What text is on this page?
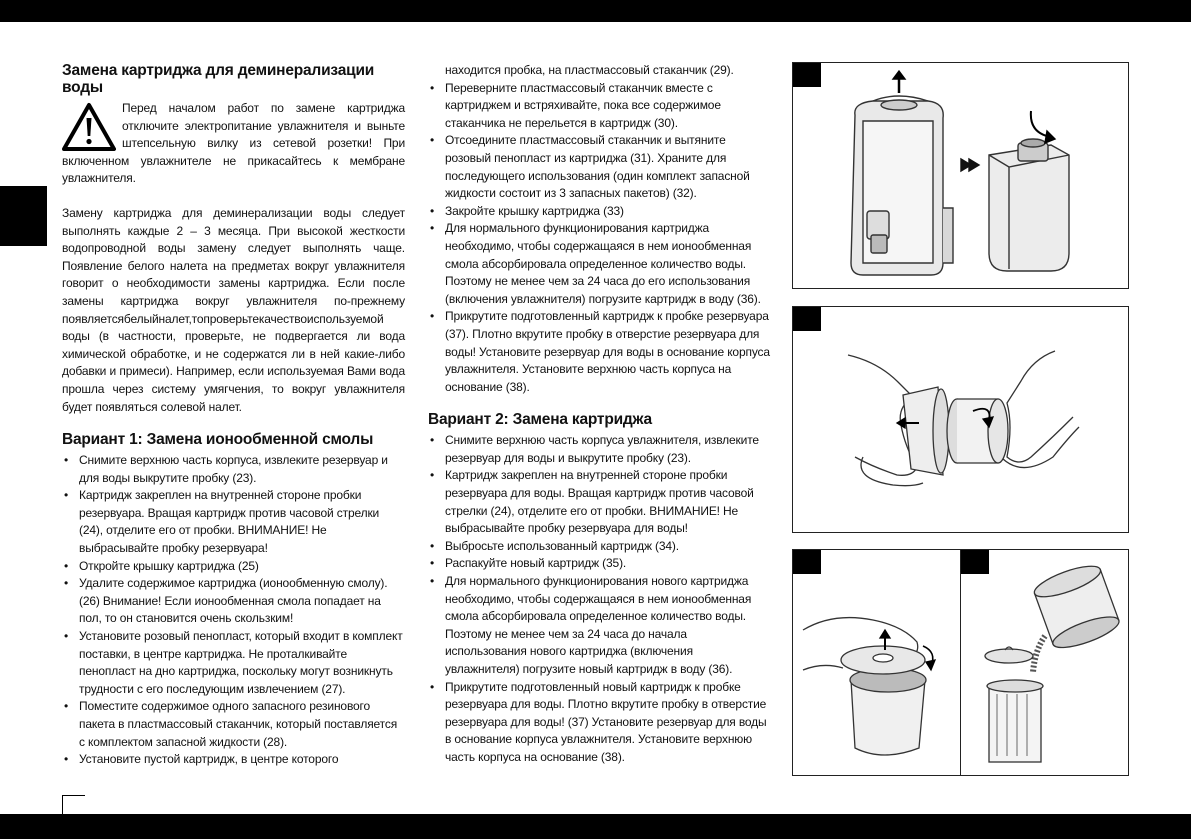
Замена картриджа для деминерализации воды

Перед началом работ по замене картриджа отключите электропитание увлажнителя и выньте штепсельную вилку из сетевой розетки! При включенном увлажнителе не прикасайтесь к мембране увлажнителя.

Замену картриджа для деминерализации воды следует выполнять каждые 2 – 3 месяца. При высокой жесткости водопроводной воды замену следует выполнять чаще. Появление белого налета на предметах вокруг увлажнителя говорит о необходимости замены картриджа. Если после замены картриджа вокруг увлажнителя по-прежнему появляетсябелыйналет,топроверьтекачествоиспользуемой воды (в частности, проверьте, не подвергается ли вода химической обработке, и не содержатся ли в ней какие-либо добавки и примеси). Например, если используемая Вами вода прошла через систему умягчения, то вокруг увлажнителя будет появляться солевой налет.

Вариант 1: Замена ионообменной смолы
• Снимите верхнюю часть корпуса, извлеките резервуар и для воды выкрутите пробку (23).
• Картридж закреплен на внутренней стороне пробки резервуара. Вращая картридж против часовой стрелки (24), отделите его от пробки. ВНИМАНИЕ! Не выбрасывайте пробку резервуара!
• Откройте крышку картриджа (25)
• Удалите содержимое картриджа (ионообменную смолу). (26) Внимание! Если ионообменная смола попадает на пол, то он становится очень скользким!
• Установите розовый пенопласт, который входит в комплект поставки, в центре картриджа. Не проталкивайте пенопласт на дно картриджа, поскольку могут возникнуть трудности с его последующим извлечением (27).
• Поместите содержимое одного запасного резинового пакета в пластмассовый стаканчик, который поставляется с комплектом запасной жидкости (28).
• Установите пустой картридж, в центре которого
находится пробка, на пластмассовый стаканчик (29).
• Переверните пластмассовый стаканчик вместе с картриджем и встряхивайте, пока все содержимое стаканчика не перельется в картридж (30).
• Отсоедините пластмассовый стаканчик и вытяните розовый пенопласт из картриджа (31). Храните для последующего использования (один комплект запасной жидкости состоит из 3 запасных пакетов) (32).
• Закройте крышку картриджа (33)
• Для нормального функционирования картриджа необходимо, чтобы содержащаяся в нем ионообменная смола абсорбировала определенное количество воды. Поэтому не менее чем за 24 часа до его использования (включения увлажнителя) погрузите картридж в воду (36).
• Прикрутите подготовленный картридж к пробке резервуара (37). Плотно вкрутите пробку в отверстие резервуара для воды! Установите резервуар для воды в основание корпуса увлажнителя. Установите верхнюю часть корпуса на основание (38).
Вариант 2: Замена картриджа
• Снимите верхнюю часть корпуса увлажнителя, извлеките резервуар для воды и выкрутите пробку (23).
• Картридж закреплен на внутренней стороне пробки резервуара для воды. Вращая картридж против часовой стрелки (24), отделите его от пробки. ВНИМАНИЕ! Не выбрасывайте пробку резервуара для воды!
• Выбросьте использованный картридж (34).
• Распакуйте новый картридж (35).
• Для нормального функционирования нового картриджа необходимо, чтобы содержащаяся в нем ионообменная смола абсорбировала определенное количество воды. Поэтому не менее чем за 24 часа до начала использования нового картриджа (включения увлажнителя) погрузите новый картридж в воду (36).
• Прикрутите подготовленный новый картридж к пробке резервуара для воды. Плотно вкрутите пробку в отверстие резервуара для воды! (37) Установите резервуар для воды в основание корпуса увлажнителя. Установите верхнюю часть корпуса на основание (38).
